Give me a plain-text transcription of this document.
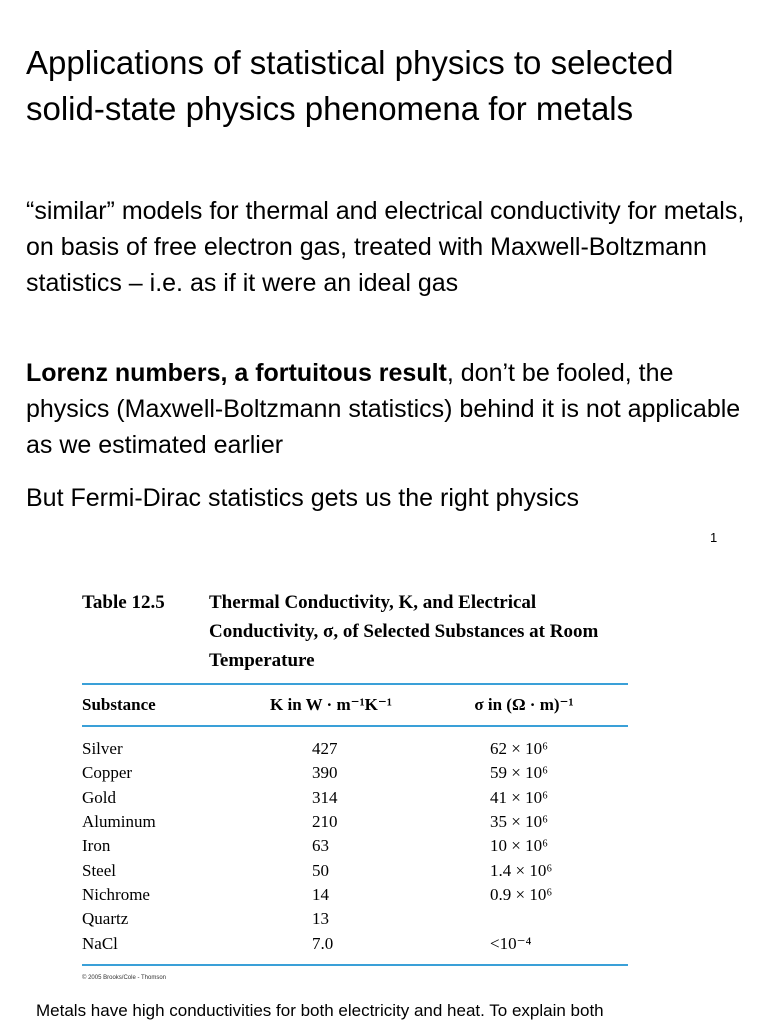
Applications of statistical physics to selected solid-state physics phenomena for metals

“similar” models for thermal and electrical conductivity for metals, on basis of free electron gas, treated with Maxwell-Boltzmann statistics – i.e. as if it were an ideal gas

Lorenz numbers, a fortuitous result, don’t be fooled, the physics (Maxwell-Boltzmann statistics) behind it is not applicable as we estimated earlier

But Fermi-Dirac statistics gets us the right physics

1
Table 12.5	Thermal Conductivity, K, and Electrical Conductivity, σ, of Selected Substances at Room Temperature
Substance	K in W · m⁻¹K⁻¹	σ in (Ω · m)⁻¹
Silver	427	62 × 10⁶
Copper	390	59 × 10⁶
Gold	314	41 × 10⁶
Aluminum	210	35 × 10⁶
Iron	63	10 × 10⁶
Steel	50	1.4 × 10⁶
Nichrome	14	0.9 × 10⁶
Quartz	13
NaCl	7.0	<10⁻⁴
© 2005 Brooks/Cole - Thomson
Metals have high conductivities for both electricity and heat. To explain both
